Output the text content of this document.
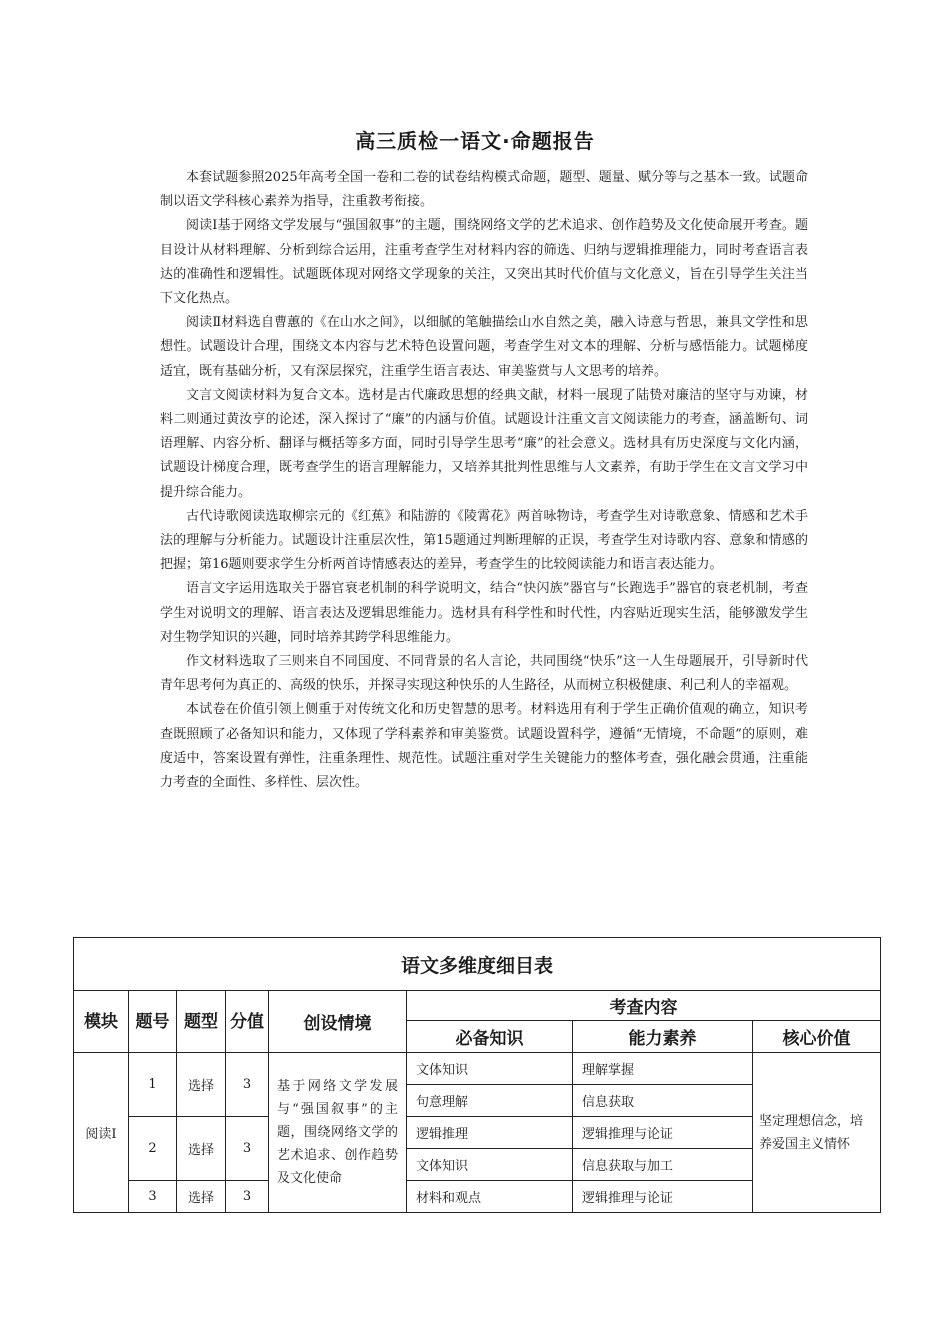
高三质检一语文·命题报告

本套试题参照2025年高考全国一卷和二卷的试卷结构模式命题，题型、题量、赋分等与之基本一致。试题命制以语文学科核心素养为指导，注重教考衔接。

阅读Ⅰ基于网络文学发展与“强国叙事”的主题，围绕网络文学的艺术追求、创作趋势及文化使命展开考查。题目设计从材料理解、分析到综合运用，注重考查学生对材料内容的筛选、归纳与逻辑推理能力，同时考查语言表达的准确性和逻辑性。试题既体现对网络文学现象的关注，又突出其时代价值与文化意义，旨在引导学生关注当下文化热点。

阅读Ⅱ材料选自曹蕙的《在山水之间》，以细腻的笔触描绘山水自然之美，融入诗意与哲思，兼具文学性和思想性。试题设计合理，围绕文本内容与艺术特色设置问题，考查学生对文本的理解、分析与感悟能力。试题梯度适宜，既有基础分析，又有深层探究，注重学生语言表达、审美鉴赏与人文思考的培养。

文言文阅读材料为复合文本。选材是古代廉政思想的经典文献，材料一展现了陆贽对廉洁的坚守与劝谏，材料二则通过黄汝亨的论述，深入探讨了“廉”的内涵与价值。试题设计注重文言文阅读能力的考查，涵盖断句、词语理解、内容分析、翻译与概括等多方面，同时引导学生思考“廉”的社会意义。选材具有历史深度与文化内涵，试题设计梯度合理，既考查学生的语言理解能力，又培养其批判性思维与人文素养，有助于学生在文言文学习中提升综合能力。

古代诗歌阅读选取柳宗元的《红蕉》和陆游的《陵霄花》两首咏物诗，考查学生对诗歌意象、情感和艺术手法的理解与分析能力。试题设计注重层次性，第15题通过判断理解的正误，考查学生对诗歌内容、意象和情感的把握；第16题则要求学生分析两首诗情感表达的差异，考查学生的比较阅读能力和语言表达能力。

语言文字运用选取关于器官衰老机制的科学说明文，结合“快闪族”器官与“长跑选手”器官的衰老机制，考查学生对说明文的理解、语言表达及逻辑思维能力。选材具有科学性和时代性，内容贴近现实生活，能够激发学生对生物学知识的兴趣，同时培养其跨学科思维能力。

作文材料选取了三则来自不同国度、不同背景的名人言论，共同围绕“快乐”这一人生母题展开，引导新时代青年思考何为真正的、高级的快乐，并探寻实现这种快乐的人生路径，从而树立积极健康、利己利人的幸福观。

本试卷在价值引领上侧重于对传统文化和历史智慧的思考。材料选用有利于学生正确价值观的确立，知识考查既照顾了必备知识和能力，又体现了学科素养和审美鉴赏。试题设置科学，遵循“无情境，不命题”的原则，难度适中，答案设置有弹性，注重条理性、规范性。试题注重对学生关键能力的整体考查，强化融会贯通，注重能力考查的全面性、多样性、层次性。

语文多维度细目表							
模块	题号	题型	分值	创设情境	考查内容		
					必备知识	能力素养	核心价值
阅读Ⅰ	1	选择	3	基于网络文学发展与“强国叙事”的主题，围绕网络文学的艺术追求、创作趋势及文化使命	文体知识	理解掌握	坚定理想信念，培养爱国主义情怀
					句意理解	信息获取	
	2	选择	3		逻辑推理	逻辑推理与论证	
					文体知识	信息获取与加工	
	3	选择	3		材料和观点	逻辑推理与论证	
